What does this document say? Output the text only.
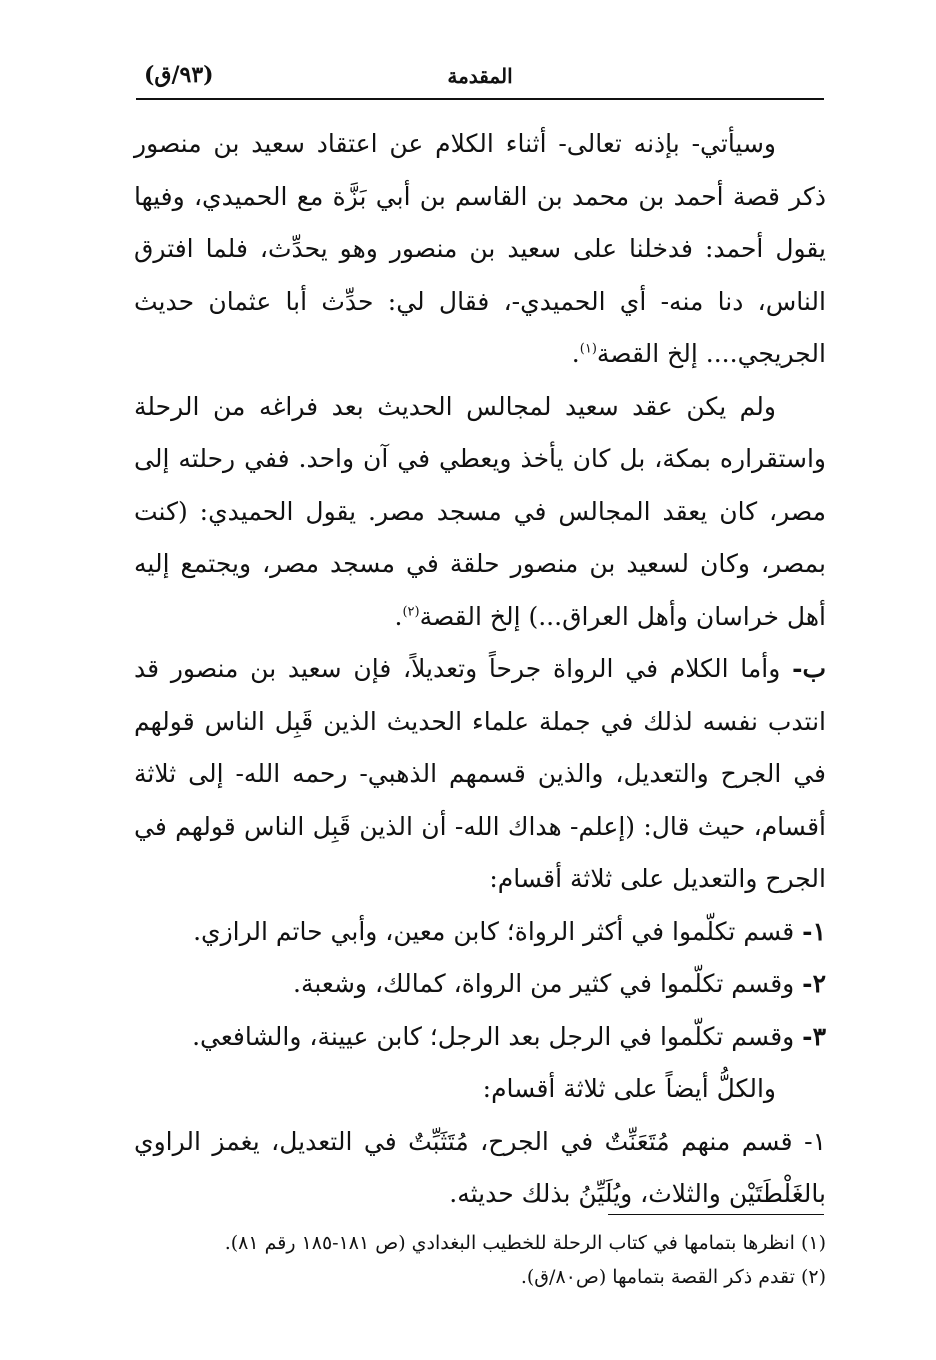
المقدمة
(٩٣/ق)

وسيأتي- بإذنه تعالى- أثناء الكلام عن اعتقاد سعيد بن منصور ذكر قصة أحمد بن محمد بن القاسم بن أبي بَزَّة مع الحميدي، وفيها يقول أحمد: فدخلنا على سعيد بن منصور وهو يحدِّث، فلما افترق الناس، دنا منه- أي الحميدي-، فقال لي: حدِّث أبا عثمان حديث الجريجي.... إلخ القصة$^{(١)}$.

ولم يكن عقد سعيد لمجالس الحديث بعد فراغه من الرحلة واستقراره بمكة، بل كان يأخذ ويعطي في آن واحد. ففي رحلته إلى مصر، كان يعقد المجالس في مسجد مصر. يقول الحميدي: (كنت بمصر، وكان لسعيد بن منصور حلقة في مسجد مصر، ويجتمع إليه أهل خراسان وأهل العراق...) إلخ القصة$^{(٢)}$.

ب- وأما الكلام في الرواة جرحاً وتعديلاً، فإن سعيد بن منصور قد انتدب نفسه لذلك في جملة علماء الحديث الذين قَبِل الناس قولهم في الجرح والتعديل، والذين قسمهم الذهبي- رحمه الله- إلى ثلاثة أقسام، حيث قال: (إعلم- هداك الله- أن الذين قَبِل الناس قولهم في الجرح والتعديل على ثلاثة أقسام:

١- قسم تكلّموا في أكثر الرواة؛ كابن معين، وأبي حاتم الرازي.

٢- وقسم تكلّموا في كثير من الرواة، كمالك، وشعبة.

٣- وقسم تكلّموا في الرجل بعد الرجل؛ كابن عيينة، والشافعي.

والكلُّ أيضاً على ثلاثة أقسام:

١- قسم منهم مُتَعَنِّتٌ في الجرح، مُتَثَبِّتٌ في التعديل، يغمز الراوي بالغَلْطَتَيْن والثلاث، ويُلَيِّنُ بذلك حديثه.

(١) انظرها بتمامها في كتاب الرحلة للخطيب البغدادي (ص ١٨١-١٨٥ رقم ٨١).

(٢) تقدم ذكر القصة بتمامها (ص٨٠/ق).
